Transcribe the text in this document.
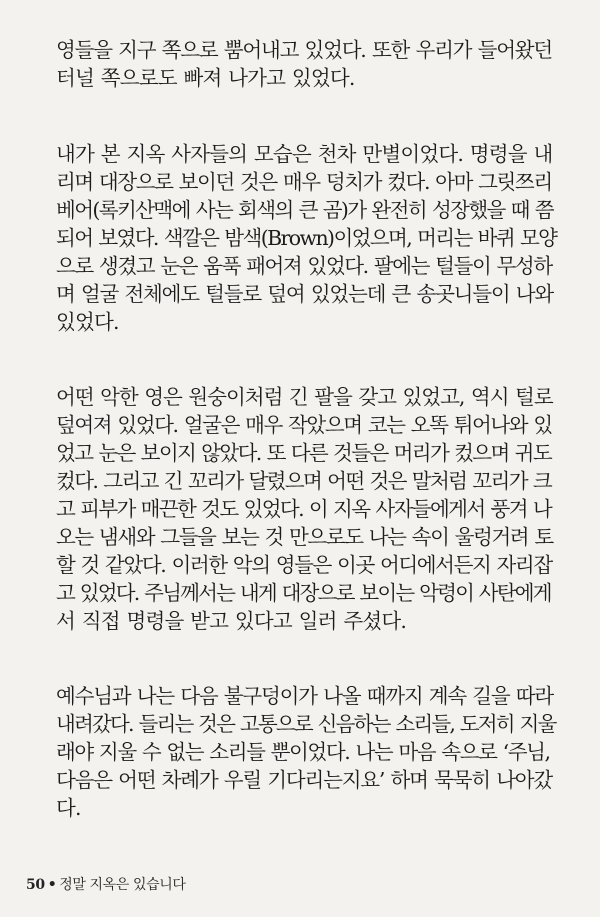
영들을 지구 쪽으로 뿜어내고 있었다. 또한 우리가 들어왔던
터널 쪽으로도 빠져 나가고 있었다.
내가 본 지옥 사자들의 모습은 천차 만별이었다. 명령을 내
리며 대장으로 보이던 것은 매우 덩치가 컸다. 아마 그릿쯔리
베어(록키산맥에 사는 회색의 큰 곰)가 완전히 성장했을 때 쯤
되어 보였다. 색깔은 밤색(Brown)이었으며, 머리는 바퀴 모양
으로 생겼고 눈은 움푹 패어져 있었다. 팔에는 털들이 무성하
며 얼굴 전체에도 털들로 덮여 있었는데 큰 송곳니들이 나와
있었다.
어떤 악한 영은 원숭이처럼 긴 팔을 갖고 있었고, 역시 털로
덮여져 있었다. 얼굴은 매우 작았으며 코는 오똑 튀어나와 있
었고 눈은 보이지 않았다. 또 다른 것들은 머리가 컸으며 귀도
컸다. 그리고 긴 꼬리가 달렸으며 어떤 것은 말처럼 꼬리가 크
고 피부가 매끈한 것도 있었다. 이 지옥 사자들에게서 풍겨 나
오는 냄새와 그들을 보는 것 만으로도 나는 속이 울렁거려 토
할 것 같았다. 이러한 악의 영들은 이곳 어디에서든지 자리잡
고 있었다. 주님께서는 내게 대장으로 보이는 악령이 사탄에게
서 직접 명령을 받고 있다고 일러 주셨다.
예수님과 나는 다음 불구덩이가 나올 때까지 계속 길을 따라
내려갔다. 들리는 것은 고통으로 신음하는 소리들, 도저히 지울
래야 지울 수 없는 소리들 뿐이었다. 나는 마음 속으로 ‘주님,
다음은 어떤 차례가 우릴 기다리는지요’ 하며 묵묵히 나아갔
다.
50 • 정말 지옥은 있습니다
